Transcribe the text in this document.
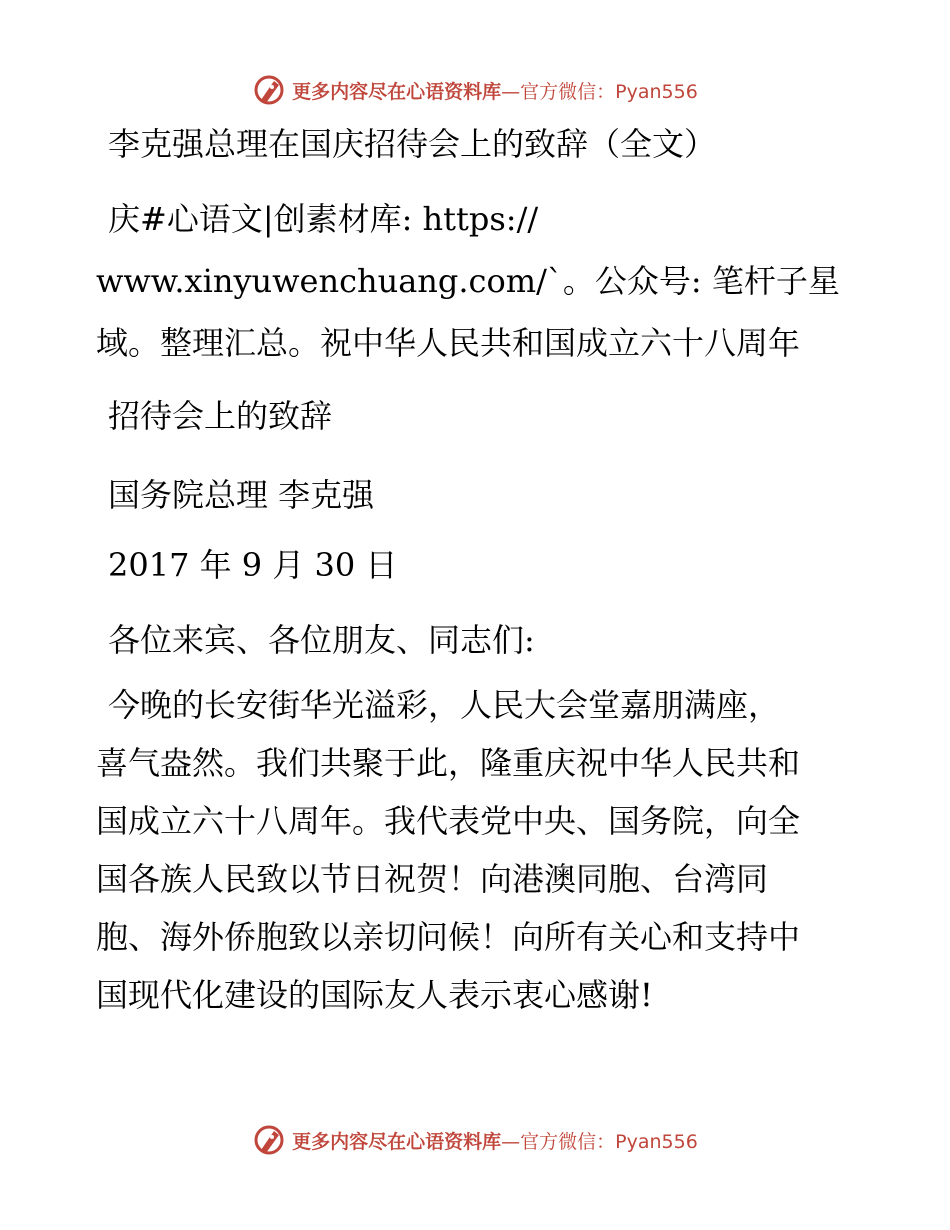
更多内容尽在心语资料库—官方微信：Pyan556

李克强总理在国庆招待会上的致辞（全文）

庆#心语文|创素材库: https://

www.xinyuwenchuang.com/`。公众号: 笔杆子星

域。整理汇总。祝中华人民共和国成立六十八周年

招待会上的致辞

国务院总理 李克强

2017 年 9 月 30 日

各位来宾、各位朋友、同志们:

今晚的长安街华光溢彩，人民大会堂嘉朋满座，

喜气盎然。我们共聚于此，隆重庆祝中华人民共和

国成立六十八周年。我代表党中央、国务院，向全

国各族人民致以节日祝贺！向港澳同胞、台湾同

胞、海外侨胞致以亲切问候！向所有关心和支持中

国现代化建设的国际友人表示衷心感谢!

更多内容尽在心语资料库—官方微信：Pyan556
